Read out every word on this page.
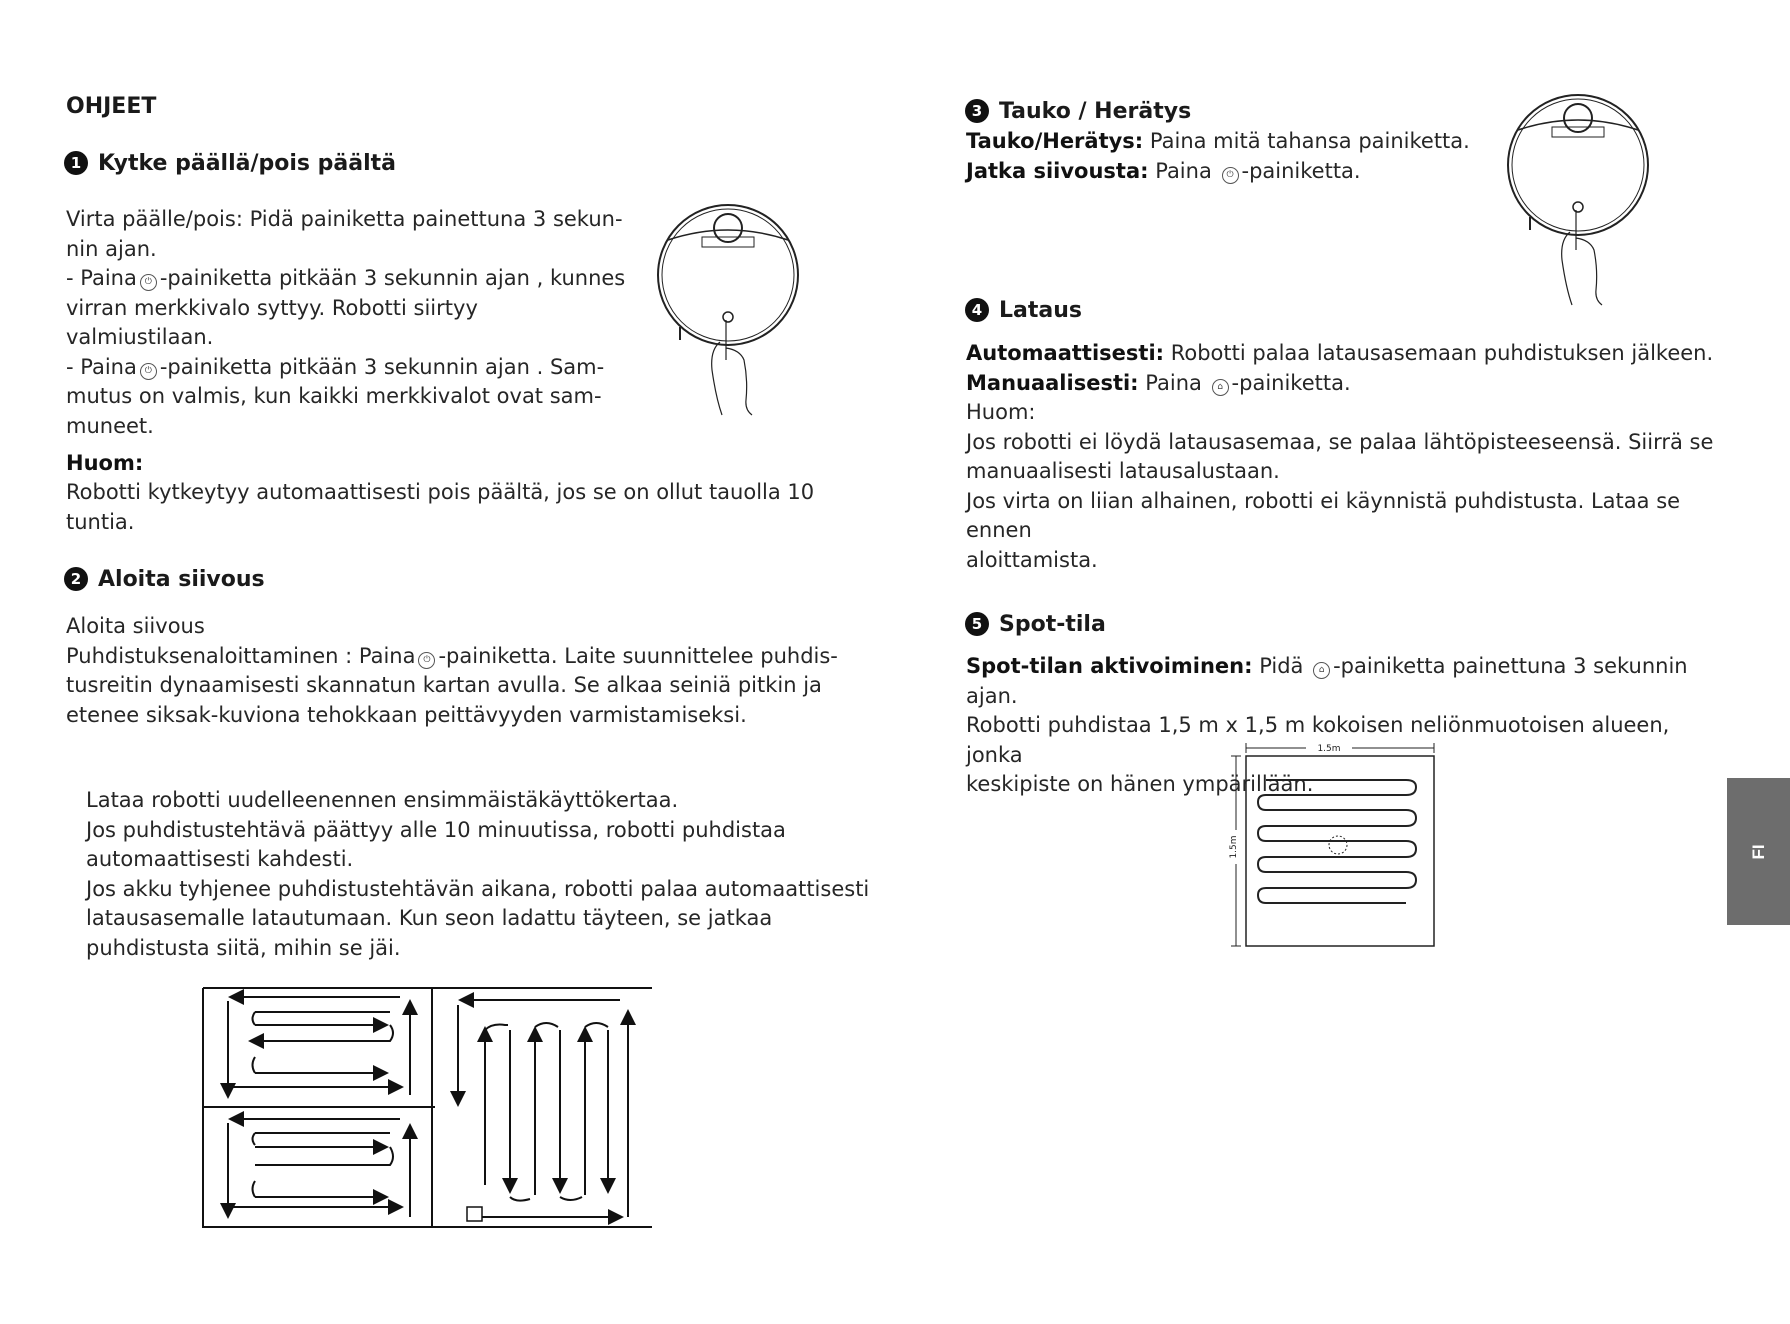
OHJEET
1 Kytke päällä/pois päältä
Virta päälle/pois: Pidä painiketta painettuna 3 sekun-
nin ajan.
- Paina ⏻ -painiketta pitkään 3 sekunnin ajan , kunnes
virran merkkivalo syttyy. Robotti siirtyy valmiustilaan.
- Paina ⏻ -painiketta pitkään 3 sekunnin ajan . Sam-
mutus on valmis, kun kaikki merkkivalot ovat sam-
muneet.
Huom:
Robotti kytkeytyy automaattisesti pois päältä, jos se on ollut tauolla 10 tuntia.
2 Aloita siivous
Aloita siivous
Puhdistuksenaloittaminen : Paina ⏻ -painiketta. Laite suunnittelee puhdis-
tusreitin dynaamisesti skannatun kartan avulla. Se alkaa seiniä pitkin ja
etenee siksak-kuviona tehokkaan peittävyyden varmistamiseksi.
Lataa robotti uudelleenennen ensimmäistäkäyttökertaa.
Jos puhdistustehtävä päättyy alle 10 minuutissa, robotti puhdistaa
automaattisesti kahdesti.
Jos akku tyhjenee puhdistustehtävän aikana, robotti palaa automaattisesti
latausasemalle latautumaan. Kun seon ladattu täyteen, se jatkaa
puhdistusta siitä, mihin se jäi.
3 Tauko / Herätys
Tauko/Herätys: Paina mitä tahansa painiketta.
Jatka siivousta: Paina ⏻ -painiketta.
4 Lataus
Automaattisesti: Robotti palaa latausasemaan puhdistuksen jälkeen.
Manuaalisesti: Paina ⌂ -painiketta.
Huom:
Jos robotti ei löydä latausasemaa, se palaa lähtöpisteeseensä. Siirrä se
manuaalisesti latausalustaan.
Jos virta on liian alhainen, robotti ei käynnistä puhdistusta. Lataa se ennen
aloittamista.
5 Spot-tila
Spot-tilan aktivoiminen: Pidä ⌂ -painiketta painettuna 3 sekunnin ajan.
Robotti puhdistaa 1,5 m x 1,5 m kokoisen neliönmuotoisen alueen, jonka
keskipiste on hänen ympärillään.
1.5m
1.5m	FI
